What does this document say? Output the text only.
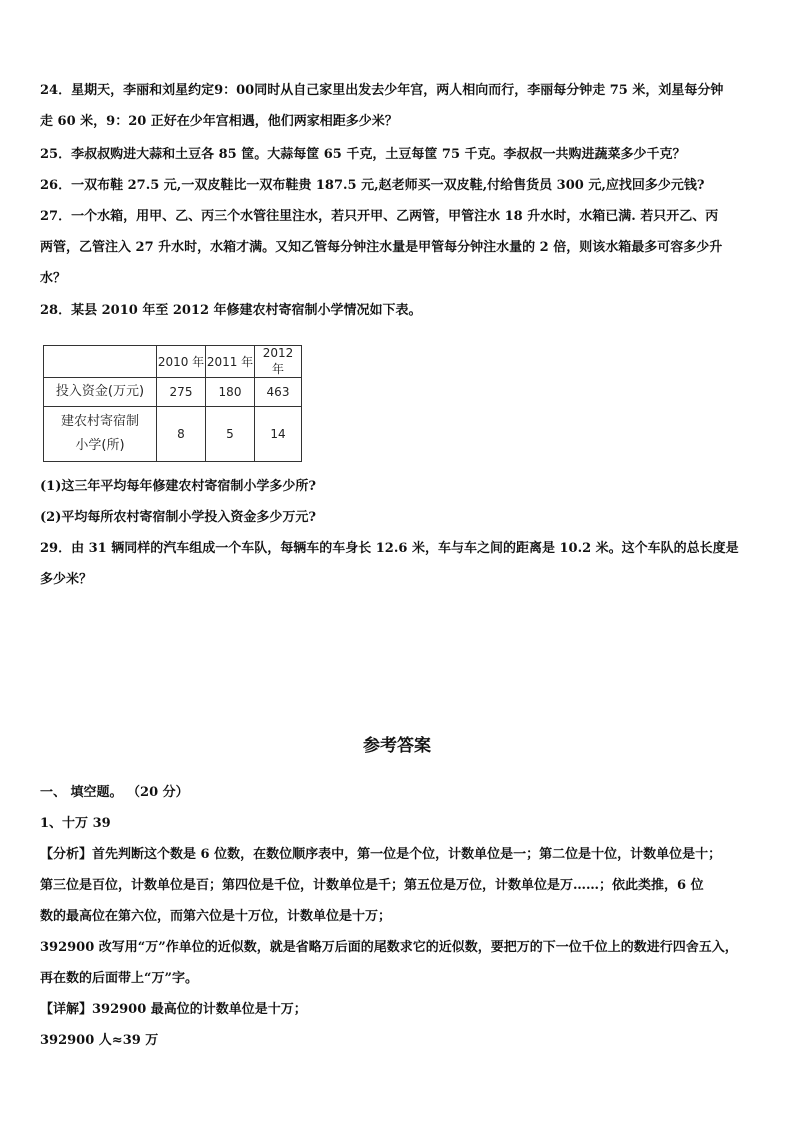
24．星期天，李丽和刘星约定9：00同时从自己家里出发去少年宫，两人相向而行，李丽每分钟走 75 米，刘星每分钟
走 60 米，9：20 正好在少年宫相遇，他们两家相距多少米？

25．李叔叔购进大蒜和土豆各 85 筐。大蒜每筐 65 千克，土豆每筐 75 千克。李叔叔一共购进蔬菜多少千克？

26．一双布鞋 27.5 元,一双皮鞋比一双布鞋贵 187.5 元,赵老师买一双皮鞋,付给售货员 300 元,应找回多少元钱?

27．一个水箱，用甲、乙、丙三个水管往里注水，若只开甲、乙两管，甲管注水 18 升水时，水箱已满. 若只开乙、丙
两管，乙管注入 27 升水时，水箱才满。又知乙管每分钟注水量是甲管每分钟注水量的 2 倍，则该水箱最多可容多少升
水？

28．某县 2010 年至 2012 年修建农村寄宿制小学情况如下表。

	2010 年	2011 年	2012 年
投入资金(万元)	275	180	463

建农村寄宿制
小学(所)	8	5	14

(1)这三年平均每年修建农村寄宿制小学多少所?
(2)平均每所农村寄宿制小学投入资金多少万元?

29．由 31 辆同样的汽车组成一个车队，每辆车的车身长 12.6 米，车与车之间的距离是 10.2 米。这个车队的总长度是
多少米？

参考答案

一、 填空题。 （20 分）
1、十万 39
【分析】首先判断这个数是 6 位数，在数位顺序表中，第一位是个位，计数单位是一；第二位是十位，计数单位是十；
第三位是百位，计数单位是百；第四位是千位，计数单位是千；第五位是万位，计数单位是万……；依此类推，6 位
数的最高位在第六位，而第六位是十万位，计数单位是十万；
392900 改写用“万”作单位的近似数，就是省略万后面的尾数求它的近似数，要把万的下一位千位上的数进行四舍五入，
再在数的后面带上“万”字。
【详解】392900 最高位的计数单位是十万；
392900 人≈39 万
